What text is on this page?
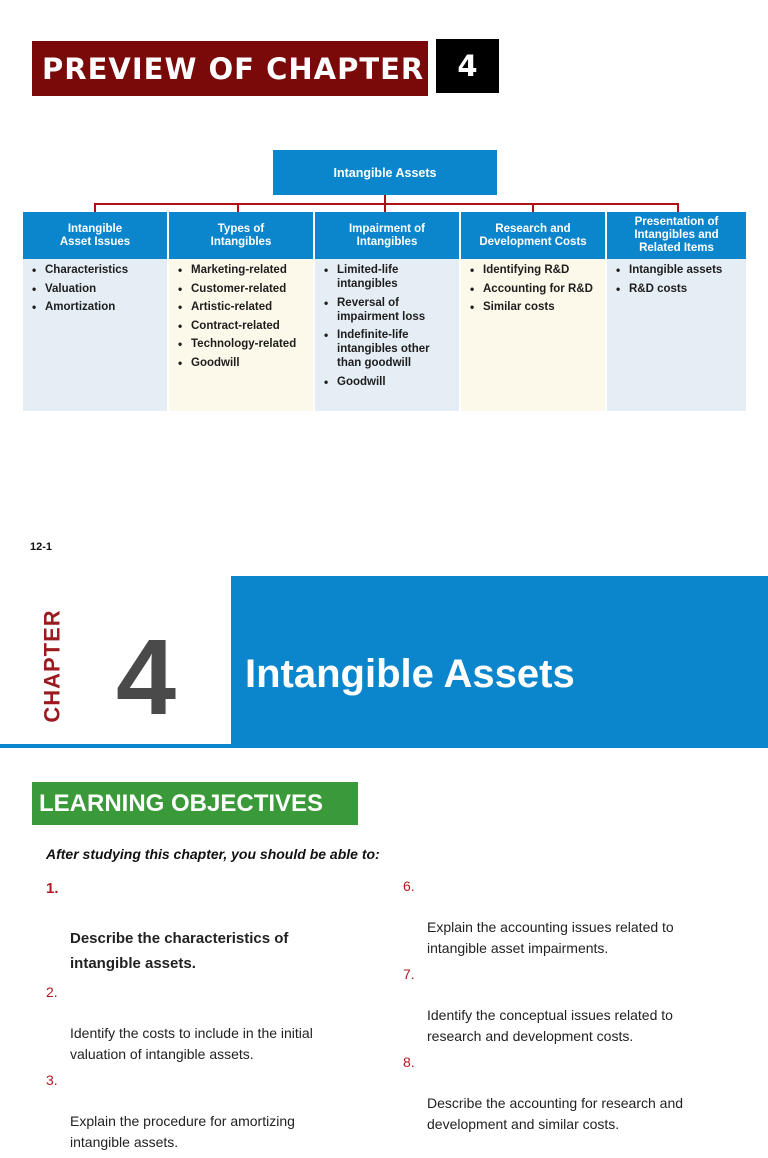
PREVIEW OF CHAPTER	4
Intangible Assets
Intangible
Asset Issues
• Characteristics
• Valuation
• Amortization
Types of
Intangibles
• Marketing-related
• Customer-related
• Artistic-related
• Contract-related
• Technology-related
• Goodwill
Impairment of
Intangibles
• Limited-life
intangibles
• Reversal of
impairment loss
• Indefinite-life
intangibles other
than goodwill
• Goodwill
Research and
Development Costs
• Identifying R&D
• Accounting for R&D
• Similar costs
Presentation of
Intangibles and
Related Items
• Intangible assets
• R&D costs
12-1
CHAPTER 4 Intangible Assets
LEARNING OBJECTIVES
After studying this chapter, you should be able to:

1.

Describe the characteristics of
intangible assets.

2.

Identify the costs to include in the initial
valuation of intangible assets.

3.

Explain the procedure for amortizing
intangible assets.

6.

Explain the accounting issues related to
intangible asset impairments.

7.

Identify the conceptual issues related to
research and development costs.

8.

Describe the accounting for research and
development and similar costs.
